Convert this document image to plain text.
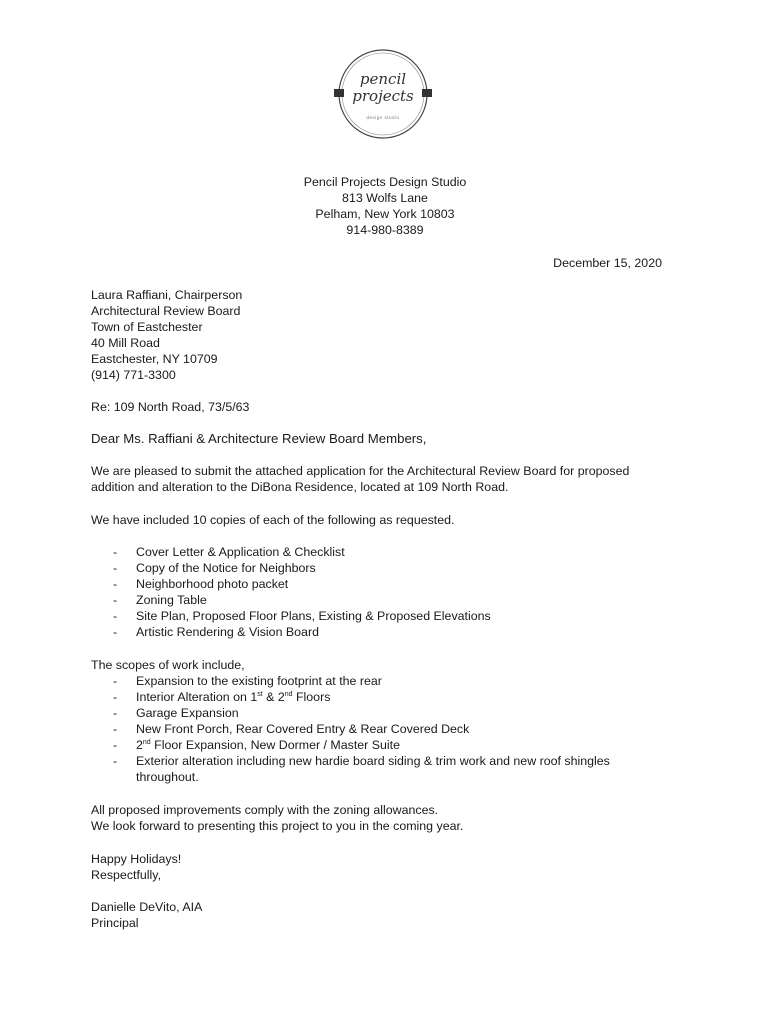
pencil
projects
design studio
Pencil Projects Design Studio
813 Wolfs Lane
Pelham, New York 10803
914-980-8389
December 15, 2020
Laura Raffiani, Chairperson
Architectural Review Board
Town of Eastchester
40 Mill Road
Eastchester, NY 10709
(914) 771-3300
Re: 109 North Road, 73/5/63
Dear Ms. Raffiani & Architecture Review Board Members,
We are pleased to submit the attached application for the Architectural Review Board for proposed
addition and alteration to the DiBona Residence, located at 109 North Road.
We have included 10 copies of each of the following as requested.
- Cover Letter & Application & Checklist
- Copy of the Notice for Neighbors
- Neighborhood photo packet
- Zoning Table
- Site Plan, Proposed Floor Plans, Existing & Proposed Elevations
- Artistic Rendering & Vision Board
The scopes of work include,
- Expansion to the existing footprint at the rear
- Interior Alteration on 1st & 2nd Floors
- Garage Expansion
- New Front Porch, Rear Covered Entry & Rear Covered Deck
- 2nd Floor Expansion, New Dormer / Master Suite
- Exterior alteration including new hardie board siding & trim work and new roof shingles
throughout.
All proposed improvements comply with the zoning allowances.
We look forward to presenting this project to you in the coming year.
Happy Holidays!
Respectfully,
Danielle DeVito, AIA
Principal
